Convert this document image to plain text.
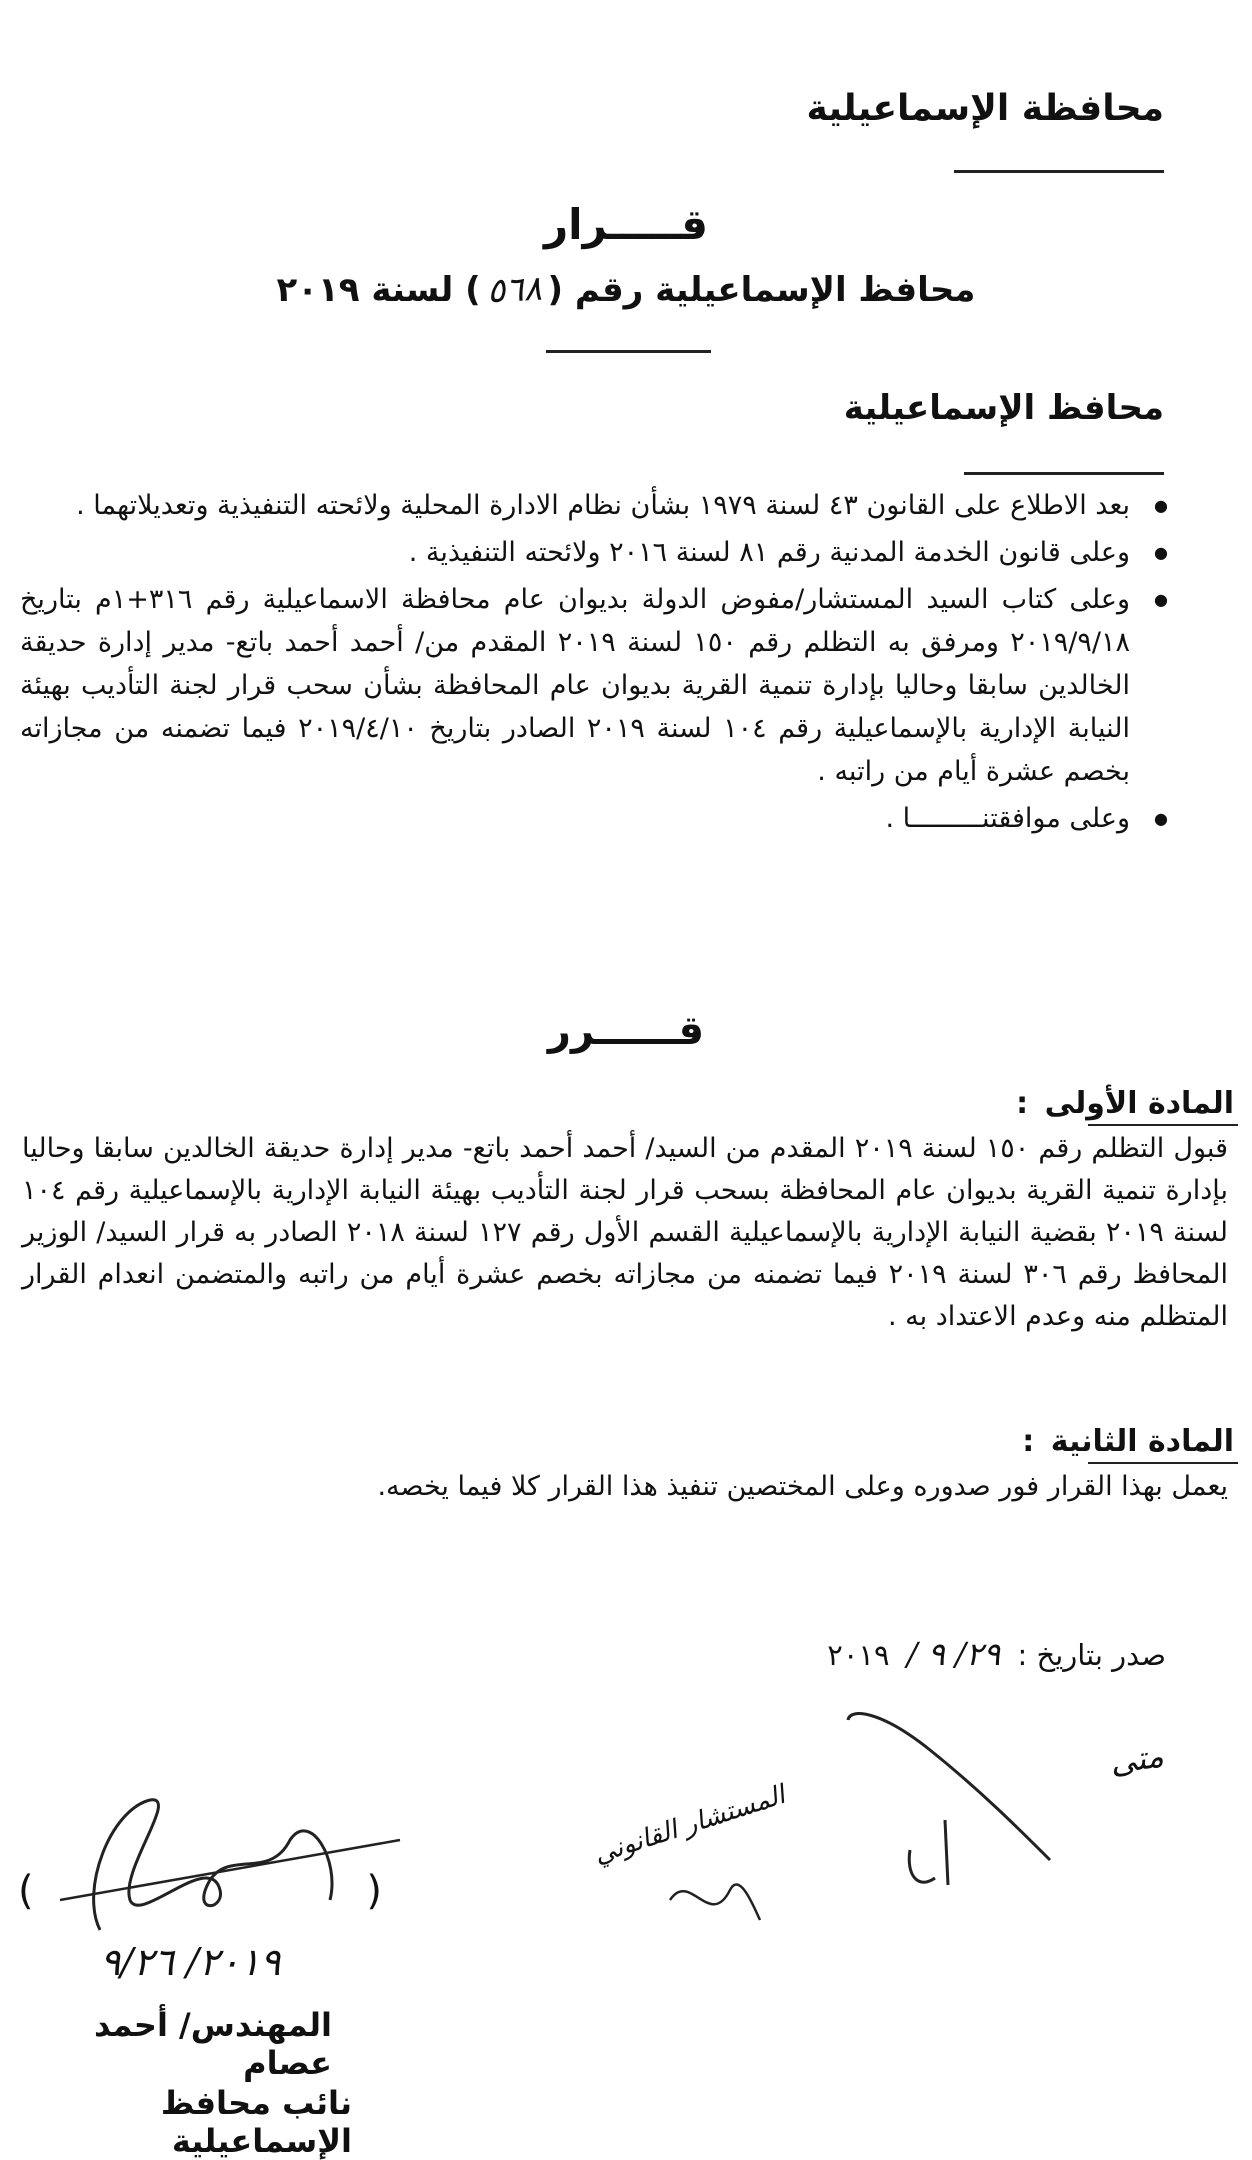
محافظة الإسماعيلية
قـــــرار
محافظ الإسماعيلية رقم (٥٦٨) لسنة ٢٠١٩
محافظ الإسماعيلية
● بعد الاطلاع على القانون ٤٣ لسنة ١٩٧٩ بشأن نظام الادارة المحلية ولائحته التنفيذية وتعديلاتهما .
● وعلى قانون الخدمة المدنية رقم ٨١ لسنة ٢٠١٦ ولائحته التنفيذية .
● وعلى كتاب السيد المستشار/مفوض الدولة بديوان عام محافظة الاسماعيلية رقم ٣١٦+١م بتاريخ ٢٠١٩/٩/١٨ ومرفق به التظلم رقم ١٥٠ لسنة ٢٠١٩ المقدم من/ أحمد أحمد باتع- مدير إدارة حديقة الخالدين سابقا وحاليا بإدارة تنمية القرية بديوان عام المحافظة بشأن سحب قرار لجنة التأديب بهيئة النيابة الإدارية بالإسماعيلية رقم ١٠٤ لسنة ٢٠١٩ الصادر بتاريخ ٢٠١٩/٤/١٠ فيما تضمنه من مجازاته بخصم عشرة أيام من راتبه .
● وعلى موافقتنـــــــــا .
قــــــرر
المادة الأولى :
قبول التظلم رقم ١٥٠ لسنة ٢٠١٩ المقدم من السيد/ أحمد أحمد باتع- مدير إدارة حديقة الخالدين سابقا وحاليا بإدارة تنمية القرية بديوان عام المحافظة بسحب قرار لجنة التأديب بهيئة النيابة الإدارية بالإسماعيلية رقم ١٠٤ لسنة ٢٠١٩ بقضية النيابة الإدارية بالإسماعيلية القسم الأول رقم ١٢٧ لسنة ٢٠١٨ الصادر به قرار السيد/ الوزير المحافظ رقم ٣٠٦ لسنة ٢٠١٩ فيما تضمنه من مجازاته بخصم عشرة أيام من راتبه والمتضمن انعدام القرار المتظلم منه وعدم الاعتداد به .
المادة الثانية :
يعمل بهذا القرار فور صدوره وعلى المختصين تنفيذ هذا القرار كلا فيما يخصه.
صدر بتاريخ : ٢٩/ ٩ / ٢٠١٩
متى
المستشار القانوني
(
)
٢٠١٩/ ٩/٢٦
المهندس/ أحمد عصام
نائب محافظ الإسماعيلية
